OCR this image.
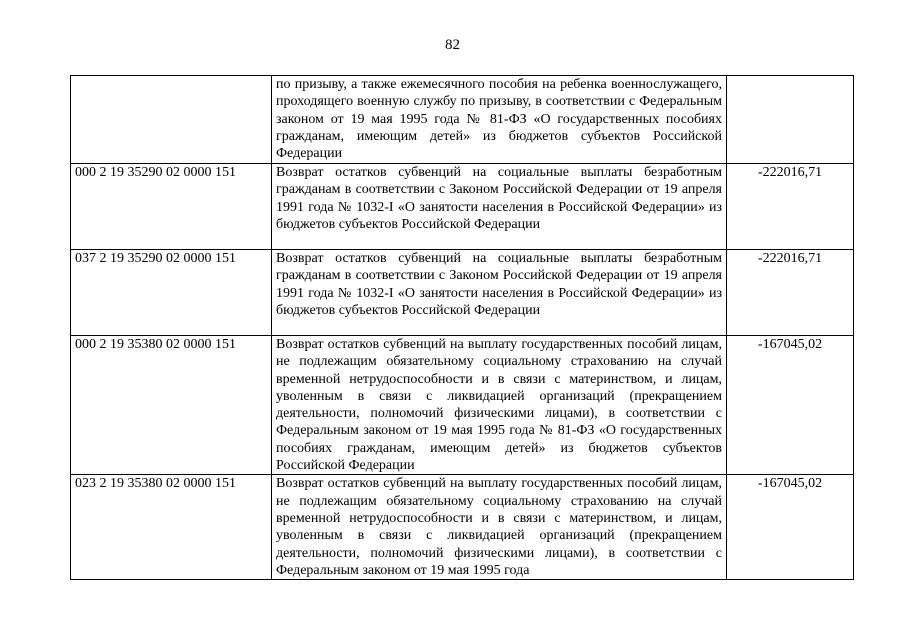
82

	по призыву, а также ежемесячного пособия на ребенка военнослужащего, проходящего военную службу по призыву, в соответствии с Федеральным законом от 19 мая 1995 года № 81-ФЗ «О государственных пособиях гражданам, имеющим детей» из бюджетов субъектов Российской Федерации	

000 2 19 35290 02 0000 151	Возврат остатков субвенций на социальные выплаты безработным гражданам в соответствии с Законом Российской Федерации от 19 апреля 1991 года № 1032-I «О занятости населения в Российской Федерации» из бюджетов субъектов Российской Федерации	-222016,71
037 2 19 35290 02 0000 151	Возврат остатков субвенций на социальные выплаты безработным гражданам в соответствии с Законом Российской Федерации от 19 апреля 1991 года № 1032-I «О занятости населения в Российской Федерации» из бюджетов субъектов Российской Федерации	-222016,71
000 2 19 35380 02 0000 151	Возврат остатков субвенций на выплату государственных пособий лицам, не подлежащим обязательному социальному страхованию на случай временной нетрудоспособности и в связи с материнством, и лицам, уволенным в связи с ликвидацией организаций (прекращением деятельности, полномочий физическими лицами), в соответствии с Федеральным законом от 19 мая 1995 года № 81-ФЗ «О государственных пособиях гражданам, имеющим детей» из бюджетов субъектов Российской Федерации	-167045,02
023 2 19 35380 02 0000 151	Возврат остатков субвенций на выплату государственных пособий лицам, не подлежащим обязательному социальному страхованию на случай временной нетрудоспособности и в связи с материнством, и лицам, уволенным в связи с ликвидацией организаций (прекращением деятельности, полномочий физическими лицами), в соответствии с Федеральным законом от 19 мая 1995 года	-167045,02
